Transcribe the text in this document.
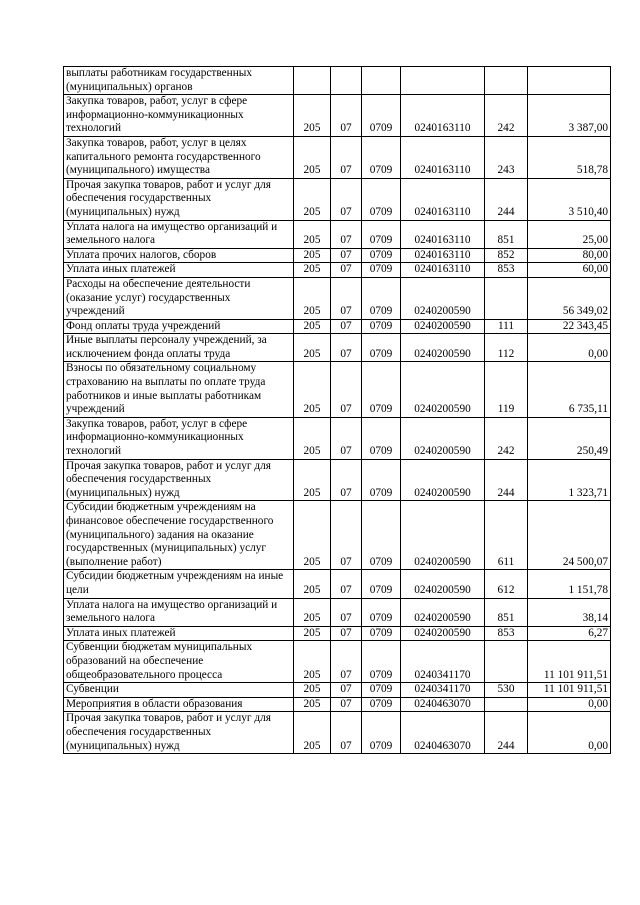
выплаты работникам государственных (муниципальных) органов						
Закупка товаров, работ, услуг в сфере информационно-коммуникационных технологий	205	07	0709	0240163110	242	3 387,00
Закупка товаров, работ, услуг в целях капитального ремонта государственного (муниципального) имущества	205	07	0709	0240163110	243	518,78
Прочая закупка товаров, работ и услуг для обеспечения государственных (муниципальных) нужд	205	07	0709	0240163110	244	3 510,40
Уплата налога на имущество организаций и земельного налога	205	07	0709	0240163110	851	25,00
Уплата прочих налогов, сборов	205	07	0709	0240163110	852	80,00
Уплата иных платежей	205	07	0709	0240163110	853	60,00
Расходы на обеспечение деятельности (оказание услуг) государственных учреждений	205	07	0709	0240200590		56 349,02
Фонд оплаты труда учреждений	205	07	0709	0240200590	111	22 343,45
Иные выплаты персоналу учреждений, за исключением фонда оплаты труда	205	07	0709	0240200590	112	0,00
Взносы по обязательному социальному страхованию на выплаты по оплате труда работников и иные выплаты работникам учреждений	205	07	0709	0240200590	119	6 735,11
Закупка товаров, работ, услуг в сфере информационно-коммуникационных технологий	205	07	0709	0240200590	242	250,49
Прочая закупка товаров, работ и услуг для обеспечения государственных (муниципальных) нужд	205	07	0709	0240200590	244	1 323,71
Субсидии бюджетным учреждениям на финансовое обеспечение государственного (муниципального) задания на оказание государственных (муниципальных) услуг (выполнение работ)	205	07	0709	0240200590	611	24 500,07
Субсидии бюджетным учреждениям на иные цели	205	07	0709	0240200590	612	1 151,78
Уплата налога на имущество организаций и земельного налога	205	07	0709	0240200590	851	38,14
Уплата иных платежей	205	07	0709	0240200590	853	6,27
Субвенции бюджетам муниципальных образований на обеспечение общеобразовательного процесса	205	07	0709	0240341170		11 101 911,51
Субвенции	205	07	0709	0240341170	530	11 101 911,51
Мероприятия в области образования	205	07	0709	0240463070		0,00
Прочая закупка товаров, работ и услуг для обеспечения государственных (муниципальных) нужд	205	07	0709	0240463070	244	0,00
